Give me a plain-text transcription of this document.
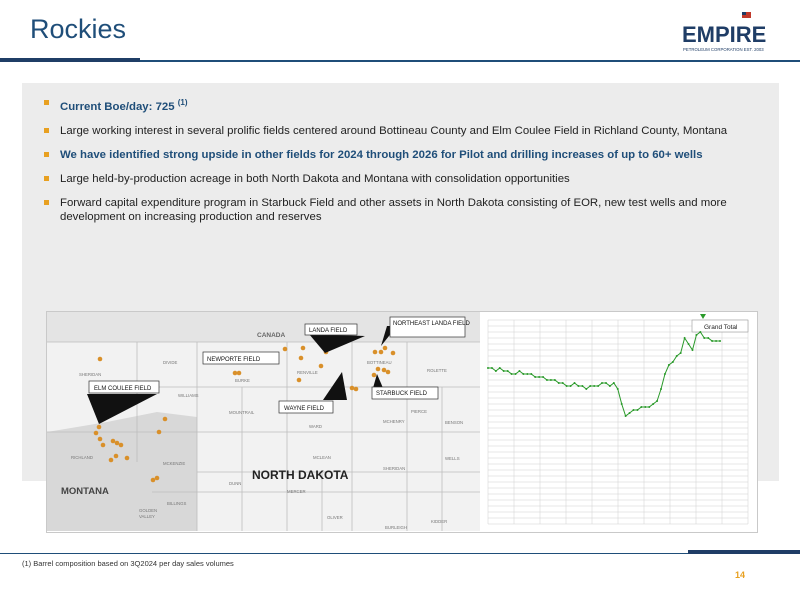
Rockies	EMPIRE
PETROLEUM CORPORATION EST. 2003
Current Boe/day: 725 $^{(1)}$
Large working interest in several prolific fields centered around Bottineau County and Elm Coulee Field in Richland County, Montana
We have identified strong upside in other fields for 2024 through 2026 for Pilot and drilling increases of up to 60+ wells
Large held-by-production acreage in both North Dakota and Montana with consolidation opportunities
Forward capital expenditure program in Starbuck Field and other assets in North Dakota consisting of EOR, new test wells and more development on increasing production and reserves
SHERIDAN
DIVIDE
BURKE
RENVILLE
BOTTINEAU
ROLETTE
WILLIAMS
MOUNTRAIL
WARD
MCHENRY
PIERCE
BENSON
RICHLAND
MCKENZIE
MCLEAN
SHERIDAN
WELLS
DUNN
MERCER
OLIVER
BURLEIGH
KIDDER
BILLINGS
GOLDEN
VALLEY
CANADA
NORTH DAKOTA
MONTANA
ELM COULEE FIELD
NEWPORTE FIELD
LANDA FIELD
NORTHEAST LANDA FIELD
WAYNE FIELD
STARBUCK FIELD
Grand Total
(1) Barrel composition based on 3Q2024 per day sales volumes
14
